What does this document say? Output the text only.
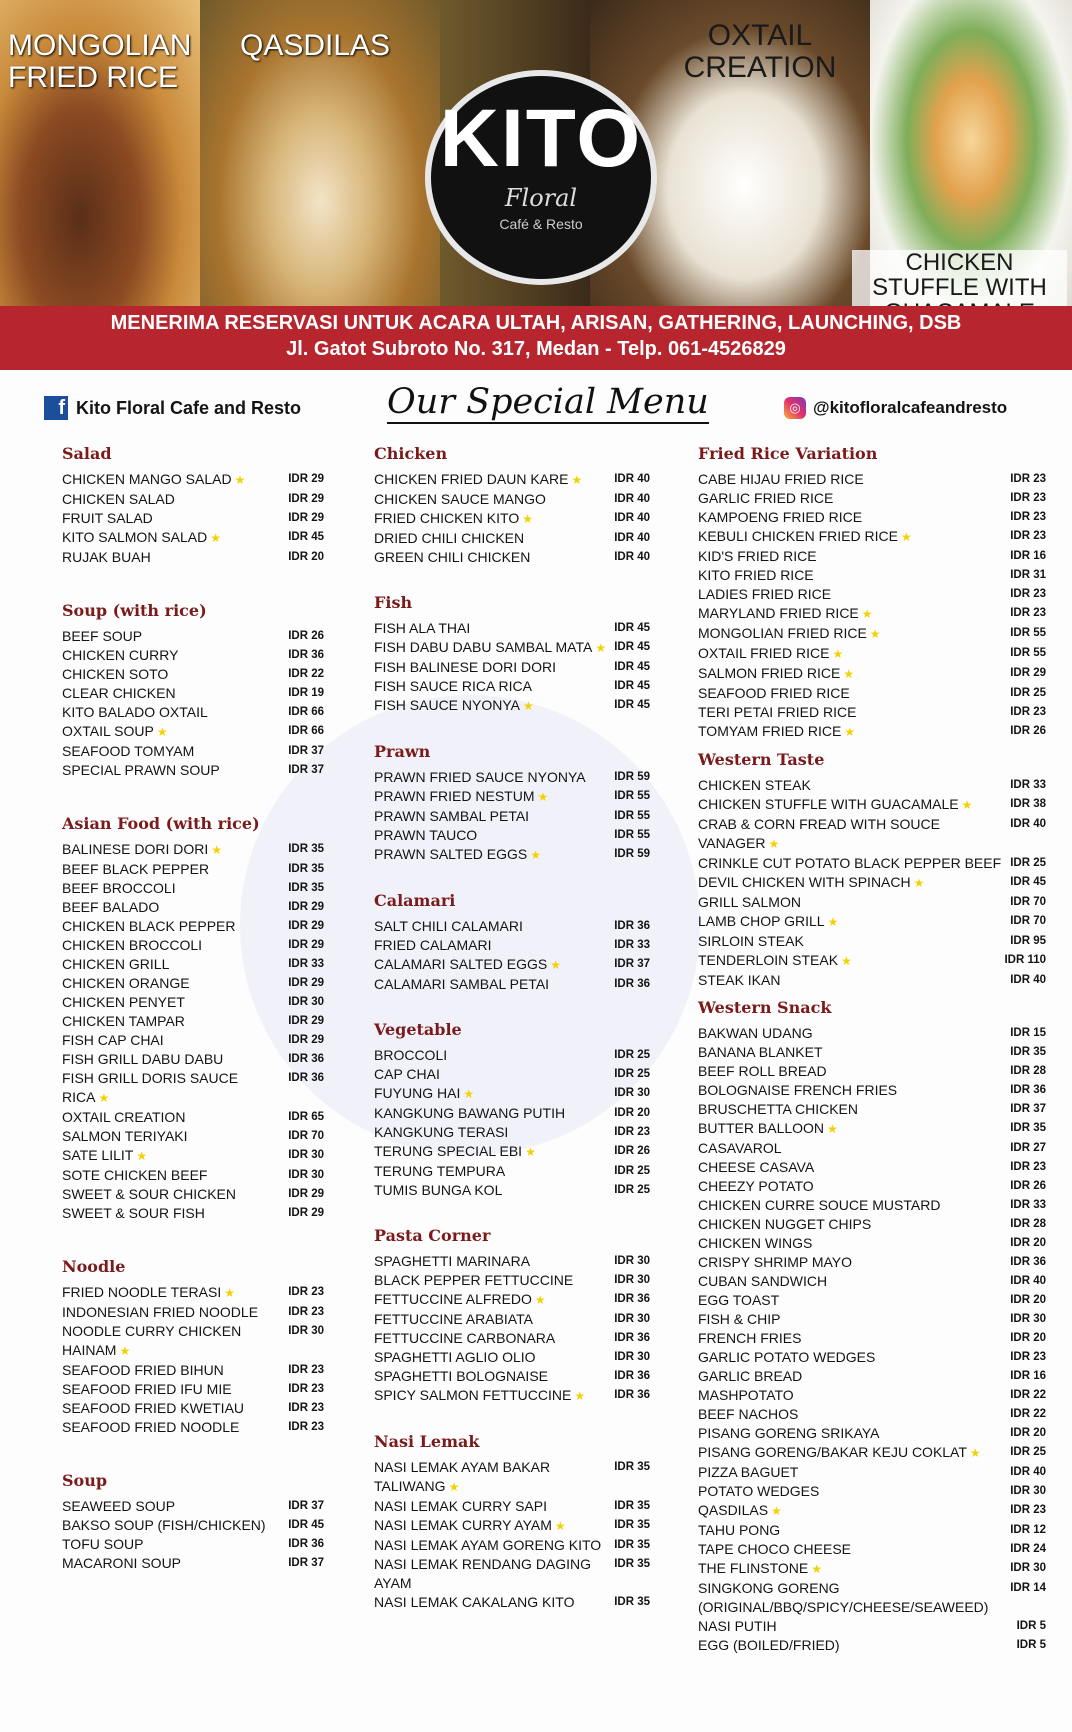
MONGOLIAN FRIED RICE
QASDILAS	OXTAIL CREATION
CHICKEN STUFFLE WITH
KITO
Floral
Café & Resto
MENERIMA RESERVASI UNTUK ACARA ULTAH, ARISAN, GATHERING, LAUNCHING, DSB
Jl. Gatot Subroto No. 317, Medan - Telp. 061-4526829
f Kito Floral Cafe and Resto Our Special Menu	◎ @kitofloralcafeandresto
Salad
CHICKEN MANGO SALAD ★	IDR 29
CHICKEN SALAD	IDR 29
FRUIT SALAD	IDR 29
KITO SALMON SALAD ★	IDR 45
RUJAK BUAH	IDR 20
Soup (with rice)
BEEF SOUP	IDR 26
CHICKEN CURRY	IDR 36
CHICKEN SOTO	IDR 22
CLEAR CHICKEN	IDR 19
KITO BALADO OXTAIL	IDR 66
OXTAIL SOUP ★	IDR 66
SEAFOOD TOMYAM	IDR 37
SPECIAL PRAWN SOUP	IDR 37
Asian Food (with rice)
BALINESE DORI DORI ★	IDR 35
BEEF BLACK PEPPER	IDR 35
BEEF BROCCOLI	IDR 35
BEEF BALADO	IDR 29
CHICKEN BLACK PEPPER	IDR 29
CHICKEN BROCCOLI	IDR 29
CHICKEN GRILL	IDR 33
CHICKEN ORANGE	IDR 29
CHICKEN PENYET	IDR 30
CHICKEN TAMPAR	IDR 29
FISH CAP CHAI	IDR 29
FISH GRILL DABU DABU	IDR 36
FISH GRILL DORIS SAUCE RICA ★
IDR 36
OXTAIL CREATION	IDR 65
SALMON TERIYAKI	IDR 70
SATE LILIT ★	IDR 30
SOTE CHICKEN BEEF	IDR 30
SWEET & SOUR CHICKEN	IDR 29
SWEET & SOUR FISH	IDR 29
Noodle
FRIED NOODLE TERASI ★	IDR 23
INDONESIAN FRIED NOODLE	IDR 23
NOODLE CURRY CHICKEN HAINAM ★
IDR 30
SEAFOOD FRIED BIHUN	IDR 23
SEAFOOD FRIED IFU MIE	IDR 23
SEAFOOD FRIED KWETIAU	IDR 23
SEAFOOD FRIED NOODLE	IDR 23
Soup
SEAWEED SOUP	IDR 37
BAKSO SOUP (FISH/CHICKEN) IDR 45
TOFU SOUP	IDR 36
MACARONI SOUP	IDR 37
Chicken
CHICKEN FRIED DAUN KARE ★	IDR 40
CHICKEN SAUCE MANGO	IDR 40
FRIED CHICKEN KITO ★	IDR 40
DRIED CHILI CHICKEN	IDR 40
GREEN CHILI CHICKEN	IDR 40
Fish
FISH ALA THAI	IDR 45
FISH DABU DABU SAMBAL MATA ★ IDR 45
FISH BALINESE DORI DORI	IDR 45
FISH SAUCE RICA RICA	IDR 45
FISH SAUCE NYONYA ★	IDR 45
Prawn
PRAWN FRIED SAUCE NYONYA IDR 59
PRAWN FRIED NESTUM ★	IDR 55
PRAWN SAMBAL PETAI	IDR 55
PRAWN TAUCO	IDR 55
PRAWN SALTED EGGS ★	IDR 59
Calamari
SALT CHILI CALAMARI	IDR 36
FRIED CALAMARI	IDR 33
CALAMARI SALTED EGGS ★	IDR 37
CALAMARI SAMBAL PETAI	IDR 36
Vegetable
BROCCOLI	IDR 25
CAP CHAI	IDR 25
FUYUNG HAI ★	IDR 30
KANGKUNG BAWANG PUTIH	IDR 20
KANGKUNG TERASI	IDR 23
TERUNG SPECIAL EBI ★	IDR 26
TERUNG TEMPURA	IDR 25
TUMIS BUNGA KOL	IDR 25
Pasta Corner
SPAGHETTI MARINARA	IDR 30
BLACK PEPPER FETTUCCINE	IDR 30
FETTUCCINE ALFREDO ★	IDR 36
FETTUCCINE ARABIATA	IDR 30
FETTUCCINE CARBONARA	IDR 36
SPAGHETTI AGLIO OLIO	IDR 30
SPAGHETTI BOLOGNAISE	IDR 36
SPICY SALMON FETTUCCINE ★	IDR 36
Nasi Lemak
NASI LEMAK AYAM BAKAR TALIWANG ★
IDR 35
NASI LEMAK CURRY SAPI	IDR 35
NASI LEMAK CURRY AYAM ★	IDR 35
NASI LEMAK AYAM GORENG KITO IDR 35
NASI LEMAK RENDANG DAGING AYAM
IDR 35
NASI LEMAK CAKALANG KITO	IDR 35
Fried Rice Variation
CABE HIJAU FRIED RICE	IDR 23
GARLIC FRIED RICE	IDR 23
KAMPOENG FRIED RICE	IDR 23
KEBULI CHICKEN FRIED RICE ★	IDR 23
KID'S FRIED RICE	IDR 16
KITO FRIED RICE	IDR 31
LADIES FRIED RICE	IDR 23
MARYLAND FRIED RICE ★	IDR 23
MONGOLIAN FRIED RICE ★	IDR 55
OXTAIL FRIED RICE ★	IDR 55
SALMON FRIED RICE ★	IDR 29
SEAFOOD FRIED RICE	IDR 25
TERI PETAI FRIED RICE	IDR 23
TOMYAM FRIED RICE ★	IDR 26
Western Taste
CHICKEN STEAK	IDR 33
CHICKEN STUFFLE WITH GUACAMALE ★	IDR 38
CRAB & CORN FREAD WITH SOUCE VANAGER ★
IDR 40
CRINKLE CUT POTATO BLACK PEPPER BEEF IDR 25
DEVIL CHICKEN WITH SPINACH ★	IDR 45
GRILL SALMON	IDR 70
LAMB CHOP GRILL ★	IDR 70
SIRLOIN STEAK	IDR 95
TENDERLOIN STEAK ★	IDR 110
STEAK IKAN	IDR 40
Western Snack
BAKWAN UDANG	IDR 15
BANANA BLANKET	IDR 35
BEEF ROLL BREAD	IDR 28
BOLOGNAISE FRENCH FRIES	IDR 36
BRUSCHETTA CHICKEN	IDR 37
BUTTER BALLOON ★	IDR 35
CASAVAROL	IDR 27
CHEESE CASAVA	IDR 23
CHEEZY POTATO	IDR 26
CHICKEN CURRE SOUCE MUSTARD	IDR 33
CHICKEN NUGGET CHIPS	IDR 28
CHICKEN WINGS	IDR 20
CRISPY SHRIMP MAYO	IDR 36
CUBAN SANDWICH	IDR 40
EGG TOAST	IDR 20
FISH & CHIP	IDR 30
FRENCH FRIES	IDR 20
GARLIC POTATO WEDGES	IDR 23
GARLIC BREAD	IDR 16
MASHPOTATO	IDR 22
BEEF NACHOS	IDR 22
PISANG GORENG SRIKAYA	IDR 20
PISANG GORENG/BAKAR KEJU COKLAT ★	IDR 25
PIZZA BAGUET	IDR 40
POTATO WEDGES	IDR 30
QASDILAS ★	IDR 23
TAHU PONG	IDR 12
TAPE CHOCO CHEESE	IDR 24
THE FLINSTONE ★	IDR 30
SINGKONG GORENG (ORIGINAL/BBQ/SPICY/CHEESE/SEAWEED)
IDR 14
NASI PUTIH	IDR 5
EGG (BOILED/FRIED)	IDR 5
